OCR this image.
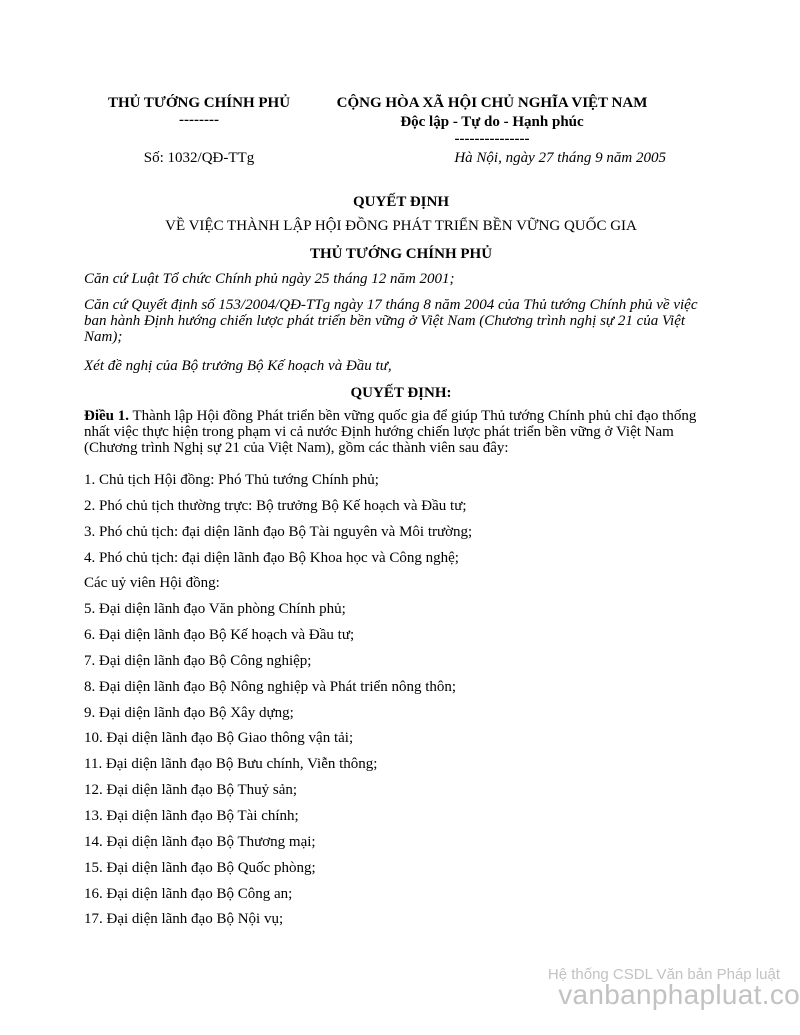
THỦ TƯỚNG CHÍNH PHỦ
--------
CỘNG HÒA XÃ HỘI CHỦ NGHĨA VIỆT NAM
Độc lập - Tự do - Hạnh phúc
---------------
Số: 1032/QĐ-TTg	Hà Nội, ngày 27 tháng 9 năm 2005
QUYẾT ĐỊNH
VỀ VIỆC THÀNH LẬP HỘI ĐỒNG PHÁT TRIỂN BỀN VỮNG QUỐC GIA
THỦ TƯỚNG CHÍNH PHỦ
Căn cứ Luật Tổ chức Chính phủ ngày 25 tháng 12 năm 2001;
Căn cứ Quyết định số 153/2004/QĐ-TTg ngày 17 tháng 8 năm 2004 của Thủ tướng Chính phủ về việc ban hành Định hướng chiến lược phát triển bền vững ở Việt Nam (Chương trình nghị sự 21 của Việt Nam);
Xét đề nghị của Bộ trưởng Bộ Kế hoạch và Đầu tư,
QUYẾT ĐỊNH:
Điều 1. Thành lập Hội đồng Phát triển bền vững quốc gia để giúp Thủ tướng Chính phủ chỉ đạo thống nhất việc thực hiện trong phạm vi cả nước Định hướng chiến lược phát triển bền vững ở Việt Nam (Chương trình Nghị sự 21 của Việt Nam), gồm các thành viên sau đây:
1. Chủ tịch Hội đồng: Phó Thủ tướng Chính phủ;
2. Phó chủ tịch thường trực: Bộ trưởng Bộ Kế hoạch và Đầu tư;
3. Phó chủ tịch: đại diện lãnh đạo Bộ Tài nguyên và Môi trường;
4. Phó chủ tịch: đại diện lãnh đạo Bộ Khoa học và Công nghệ;
Các uỷ viên Hội đồng:
5. Đại diện lãnh đạo Văn phòng Chính phủ;
6. Đại diện lãnh đạo Bộ Kế hoạch và Đầu tư;
7. Đại diện lãnh đạo Bộ Công nghiệp;
8. Đại diện lãnh đạo Bộ Nông nghiệp và Phát triển nông thôn;
9. Đại diện lãnh đạo Bộ Xây dựng;
10. Đại diện lãnh đạo Bộ Giao thông vận tải;
11. Đại diện lãnh đạo Bộ Bưu chính, Viễn thông;
12. Đại diện lãnh đạo Bộ Thuỷ sản;
13. Đại diện lãnh đạo Bộ Tài chính;
14. Đại diện lãnh đạo Bộ Thương mại;
15. Đại diện lãnh đạo Bộ Quốc phòng;
16. Đại diện lãnh đạo Bộ Công an;
17. Đại diện lãnh đạo Bộ Nội vụ;
Hệ thống CSDL Văn bản Pháp luật
vanbanphapluat.co
